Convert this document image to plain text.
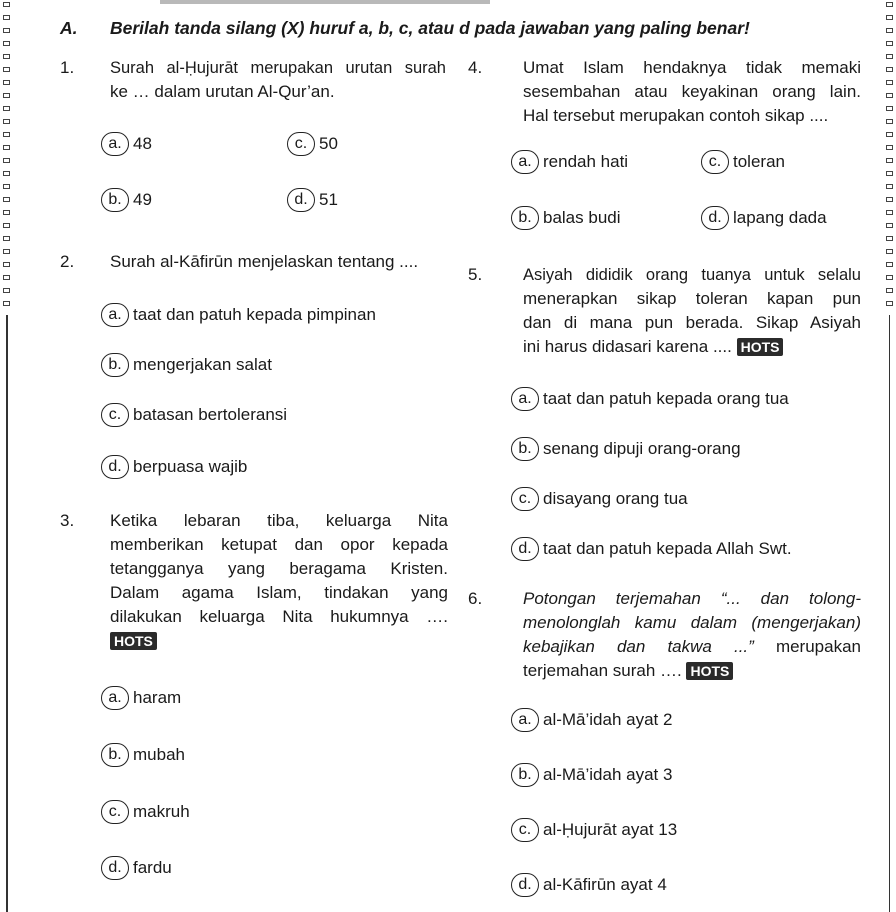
A. Berilah tanda silang (X) huruf a, b, c, atau d pada jawaban yang paling benar!
1. Surah al-Ḥujurāt merupakan urutan surah
ke … dalam urutan Al-Qur’an.
a. 48	c. 50
b. 49	d. 51
2. Surah al-Kāfirūn menjelaskan tentang ....
a. taat dan patuh kepada pimpinan
b. mengerjakan salat
c. batasan bertoleransi
d. berpuasa wajib
3. Ketika lebaran tiba, keluarga Nita
memberikan ketupat dan opor kepada
tetangganya yang beragama Kristen.
Dalam agama Islam, tindakan yang
dilakukan keluarga Nita hukumnya ….
HOTS
a. haram
b. mubah
c. makruh
d. fardu
4. Umat Islam hendaknya tidak memaki
sesembahan atau keyakinan orang lain.
Hal tersebut merupakan contoh sikap ....
a. rendah hati	c. toleran
b. balas budi	d. lapang dada
5. Asiyah dididik orang tuanya untuk selalu
menerapkan sikap toleran kapan pun
dan di mana pun berada. Sikap Asiyah
ini harus didasari karena .... HOTS
a. taat dan patuh kepada orang tua
b. senang dipuji orang-orang
c. disayang orang tua
d. taat dan patuh kepada Allah Swt.
6. Potongan terjemahan “... dan tolong-
menolonglah kamu dalam (mengerjakan)
kebajikan dan takwa ...” merupakan
terjemahan surah …. HOTS
a. al-Mā’idah ayat 2
b. al-Mā’idah ayat 3
c. al-Ḥujurāt ayat 13
d. al-Kāfirūn ayat 4
